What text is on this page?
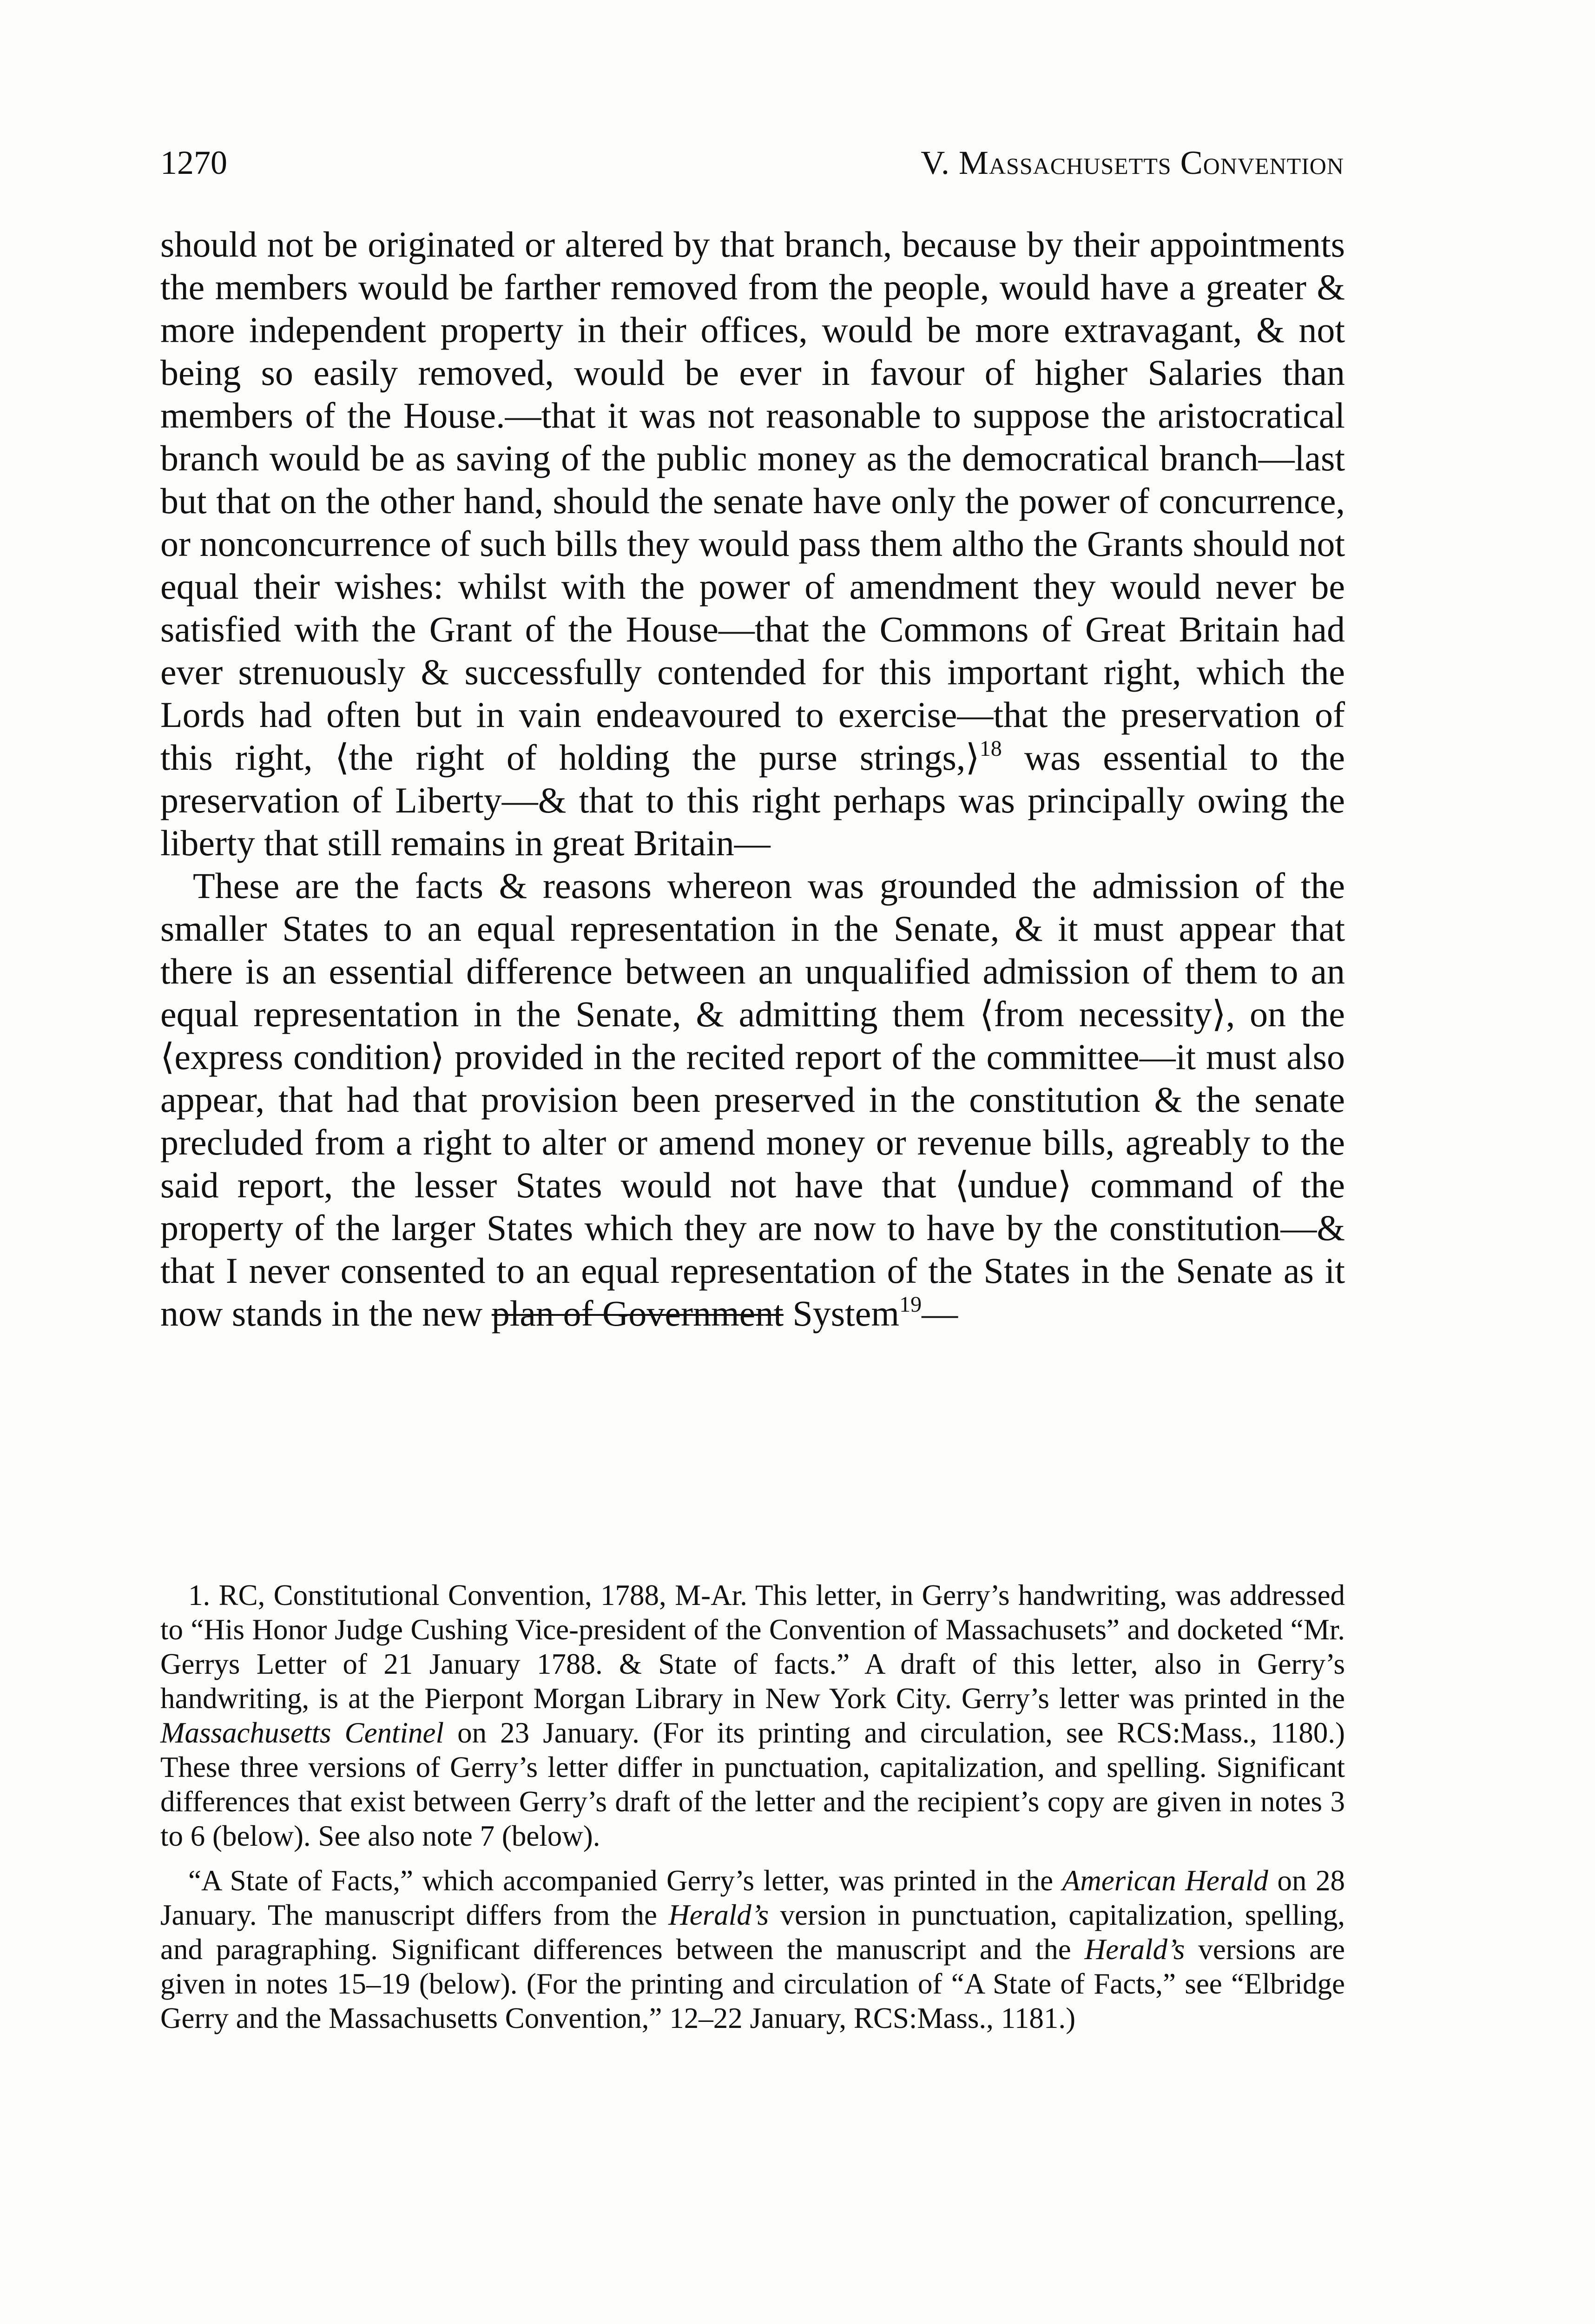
1270	V. Massachusetts Convention

should not be originated or altered by that branch, because by their appointments the members would be farther removed from the people, would have a greater & more independent property in their offices, would be more extravagant, & not being so easily removed, would be ever in favour of higher Salaries than members of the House.—that it was not reasonable to suppose the aristocratical branch would be as saving of the public money as the democratical branch—last but that on the other hand, should the senate have only the power of concurrence, or nonconcurrence of such bills they would pass them altho the Grants should not equal their wishes: whilst with the power of amendment they would never be satisfied with the Grant of the House—that the Commons of Great Britain had ever strenuously & successfully contended for this important right, which the Lords had often but in vain endeavoured to exercise—that the preservation of this right, ⟨the right of holding the purse strings,⟩$^{18}$ was essential to the preservation of Liberty—& that to this right perhaps was principally owing the liberty that still remains in great Britain—

These are the facts & reasons whereon was grounded the admission of the smaller States to an equal representation in the Senate, & it must appear that there is an essential difference between an unqualified admission of them to an equal representation in the Senate, & admitting them ⟨from necessity⟩, on the ⟨express condition⟩ provided in the recited report of the committee—it must also appear, that had that provision been preserved in the constitution & the senate precluded from a right to alter or amend money or revenue bills, agreably to the said report, the lesser States would not have that ⟨undue⟩ command of the property of the larger States which they are now to have by the constitution—& that I never consented to an equal representation of the States in the Senate as it now stands in the new plan of Government System$^{19}$—

1. RC, Constitutional Convention, 1788, M-Ar. This letter, in Gerry’s handwriting, was addressed to “His Honor Judge Cushing Vice-president of the Convention of Massachusets” and docketed “Mr. Gerrys Letter of 21 January 1788. & State of facts.” A draft of this letter, also in Gerry’s handwriting, is at the Pierpont Morgan Library in New York City. Gerry’s letter was printed in the Massachusetts Centinel on 23 January. (For its printing and circulation, see RCS:Mass., 1180.) These three versions of Gerry’s letter differ in punctuation, capitalization, and spelling. Significant differences that exist between Gerry’s draft of the letter and the recipient’s copy are given in notes 3 to 6 (below). See also note 7 (below).

“A State of Facts,” which accompanied Gerry’s letter, was printed in the American Herald on 28 January. The manuscript differs from the Herald’s version in punctuation, capitalization, spelling, and paragraphing. Significant differences between the manuscript and the Herald’s versions are given in notes 15–19 (below). (For the printing and circulation of “A State of Facts,” see “Elbridge Gerry and the Massachusetts Convention,” 12–22 January, RCS:Mass., 1181.)
